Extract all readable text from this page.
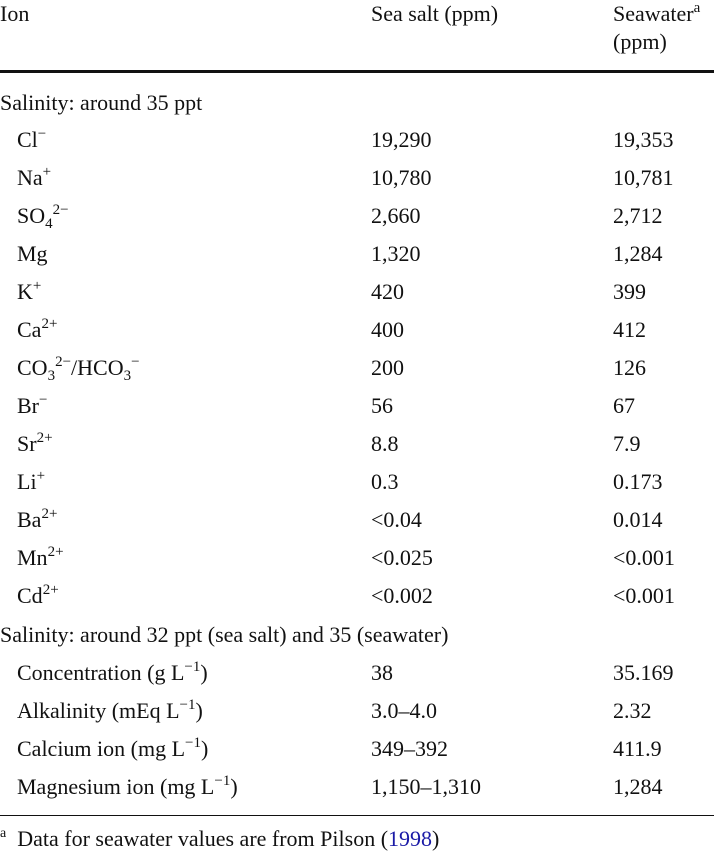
Ion	Sea salt (ppm)	Seawater$^a$
(ppm)
Salinity: around 35 ppt
Cl−	19,290	19,353
Na+	10,780	10,781
$SO_4^{2-}$	2,660	2,712
Mg	1,320	1,284
K+	420	399
$Ca^{2+}$	400	412
$CO_3^{2-}/HCO_3^-$	200	126
Br−	56	67
$Sr^{2+}$	8.8	7.9
Li+	0.3	0.173
$Ba^{2+}$	<0.04	0.014
$Mn^{2+}$	<0.025	<0.001
$Cd^{2+}$	<0.002	<0.001
Salinity: around 32 ppt (sea salt) and 35 (seawater)
Concentration (g $L^{-1}$)	38	35.169
Alkalinity (mEq $L^{-1}$)	3.0–4.0	2.32
Calcium ion (mg $L^{-1}$)	349–392	411.9
Magnesium ion (mg $L^{-1}$)	1,150–1,310	1,284
$^a$ Data for seawater values are from Pilson (1998)
